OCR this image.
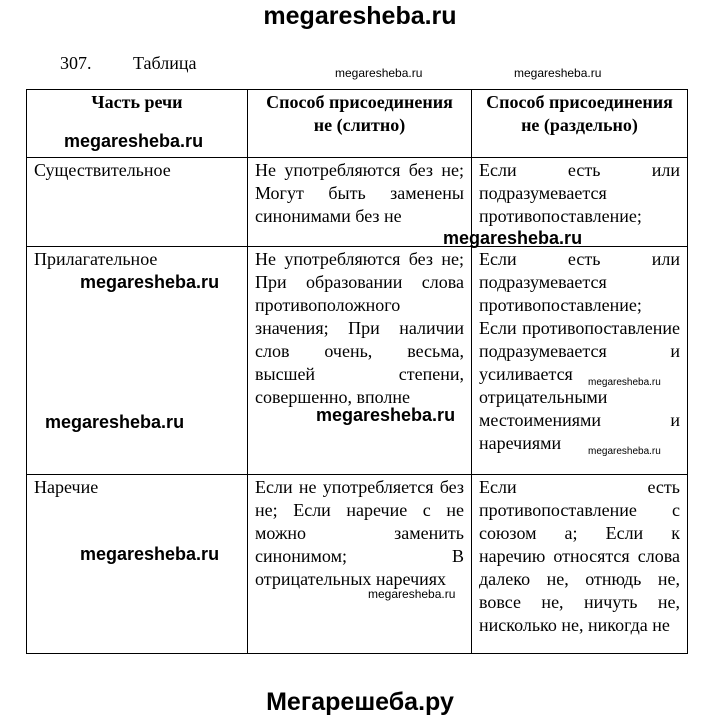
megaresheba.ru
307. Таблица
Часть речи	Способ присоединения не (слитно)	Способ присоединения не (раздельно)
Существительное	Не употребляются без не; Могут быть заменены синонимами без не	Если есть или подразумевается противопоставление;
Прилагательное	Не употребляются без не; При образовании слова противоположного значения; При наличии слов очень, весьма, высшей степени, совершенно, вполне	Если есть или подразумевается противопоставление; Если противопоставление подразумевается и усиливается отрицательными местоимениями и наречиями
Наречие	Если не употребляется без не; Если наречие с не можно заменить синонимом; В отрицательных наречиях	Если есть противопоставление с союзом а; Если к наречию относятся слова далеко не, отнюдь не, вовсе не, ничуть не, нисколько не, никогда не
megaresheba.ru	megaresheba.ru
megaresheba.ru
megaresheba.ru
megaresheba.ru
megaresheba.ru
megaresheba.ru
megaresheba.ru
megaresheba.ru
megaresheba.ru
megaresheba.ru
Мегарешеба.ру
